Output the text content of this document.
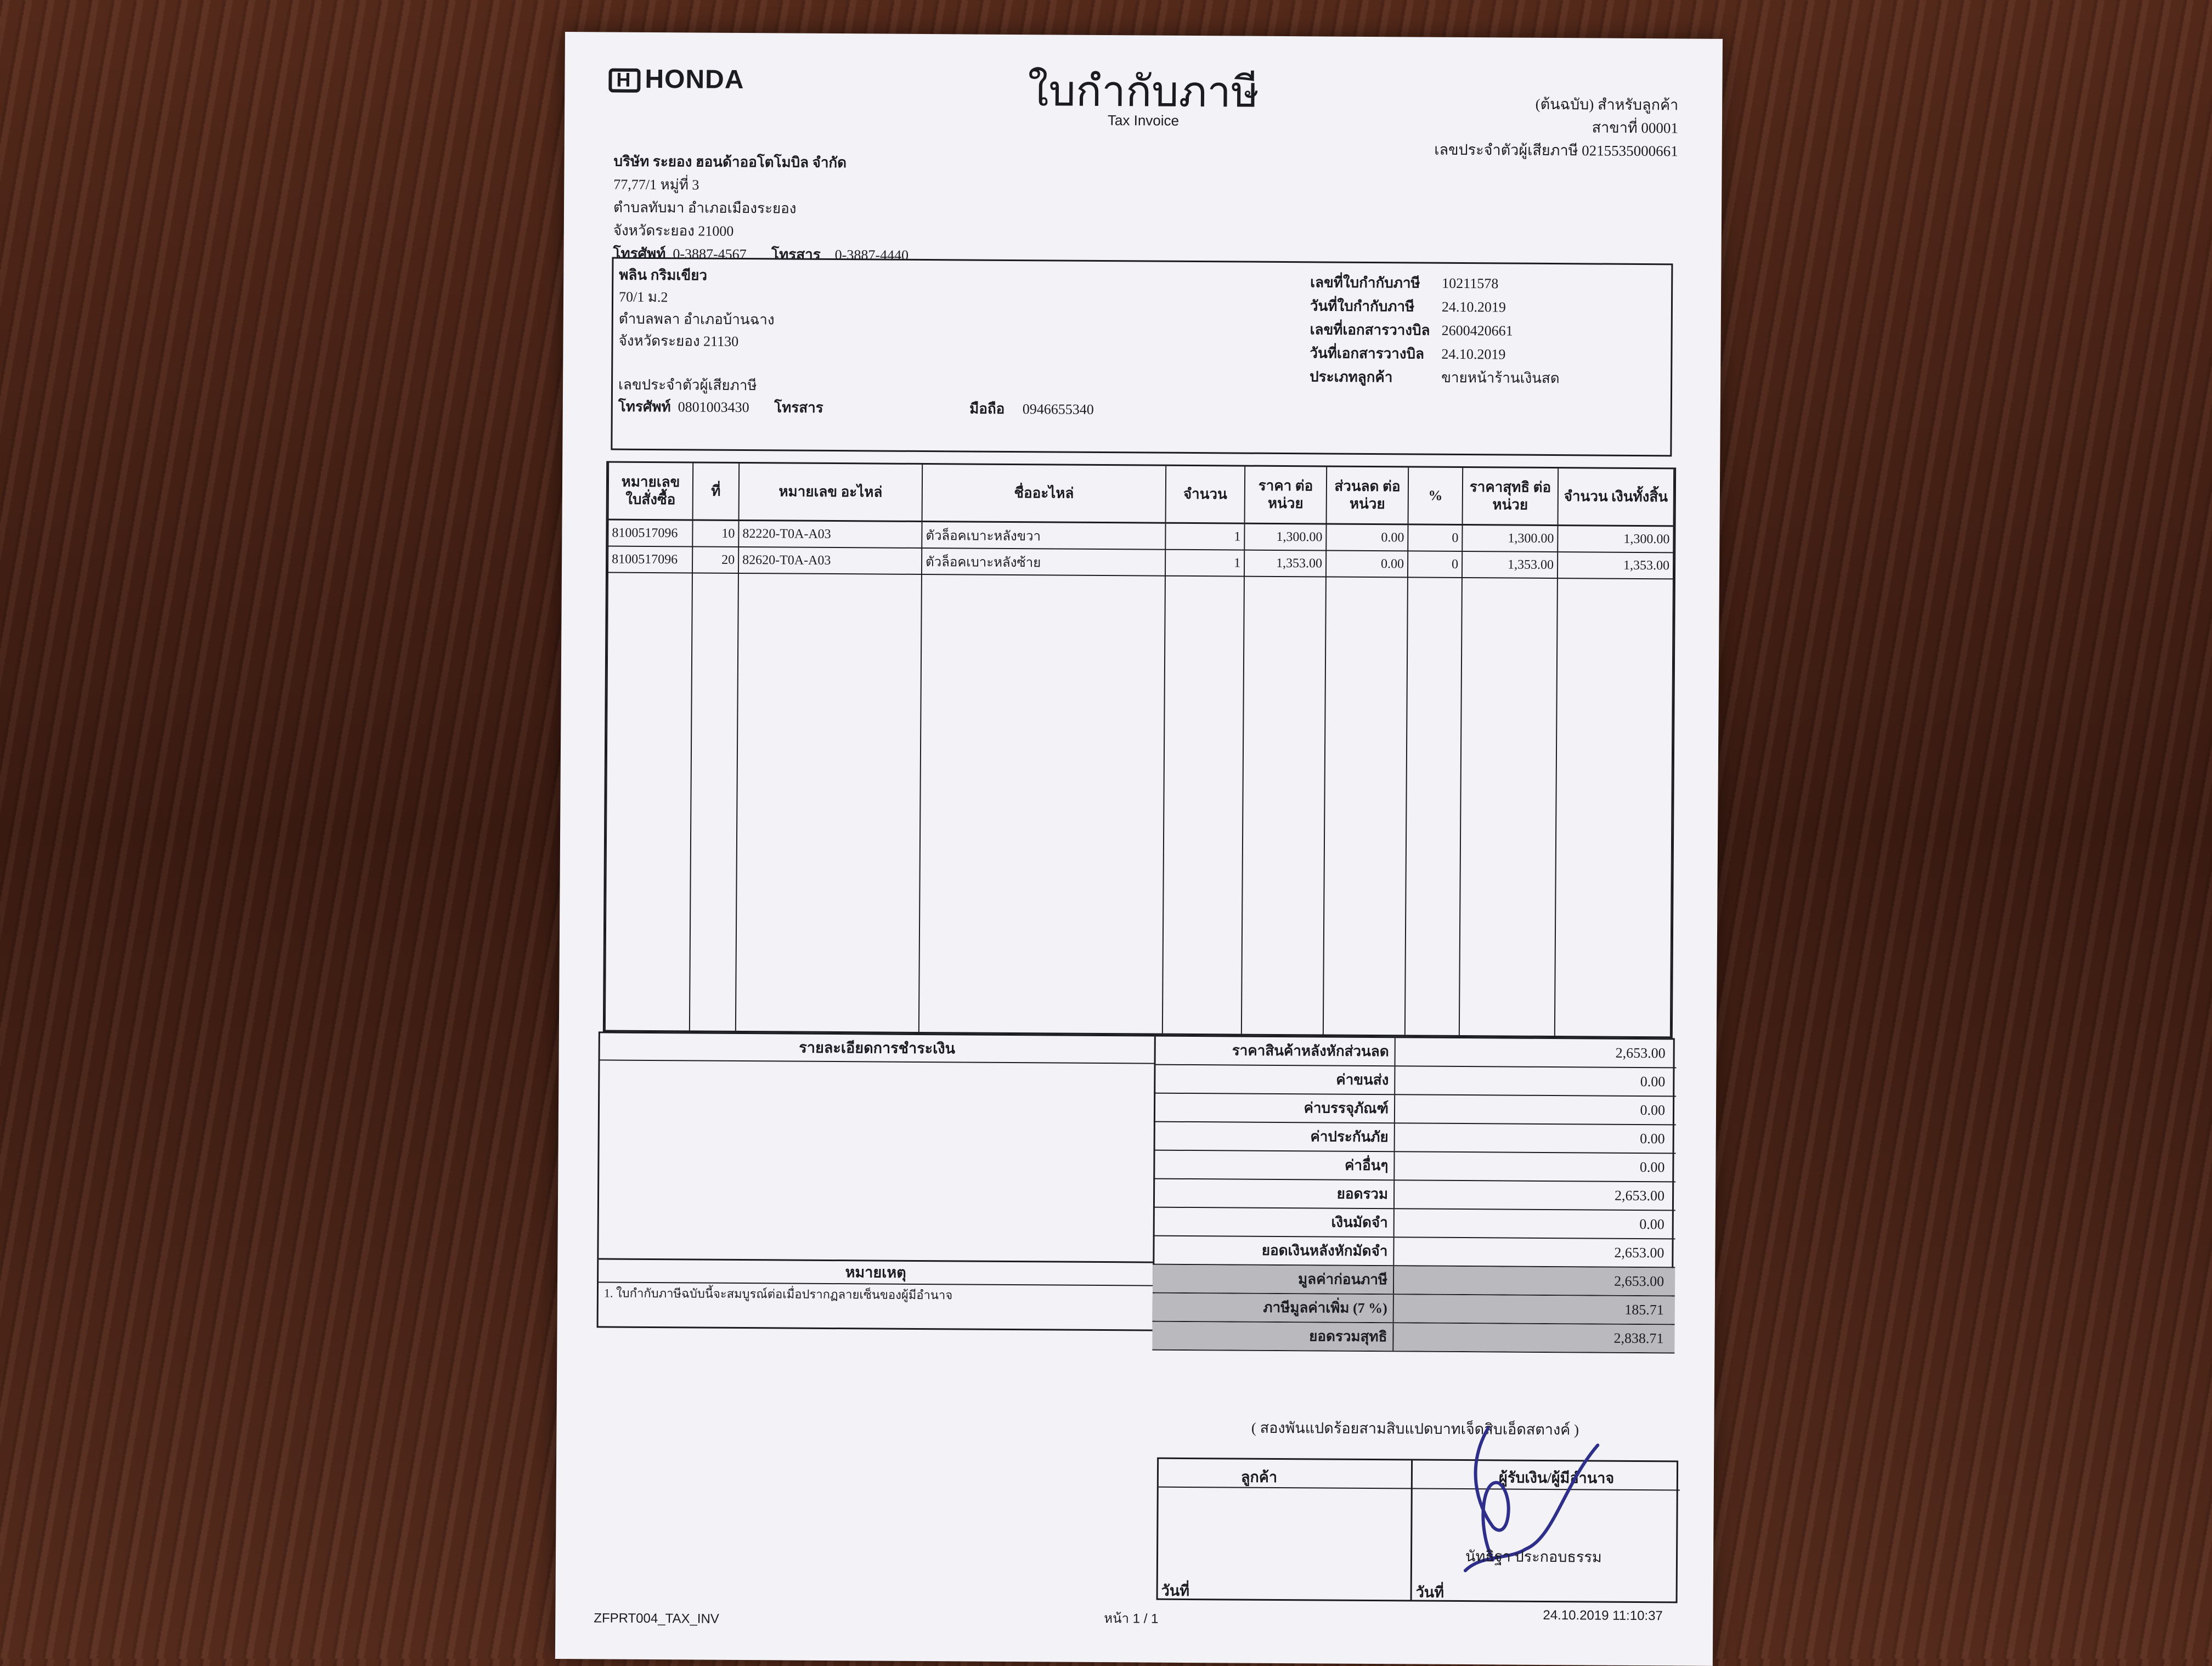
HHONDA	ใบกำกับภาษี
Tax Invoice
(ต้นฉบับ) สำหรับลูกค้า
สาขาที่ 00001
เลขประจำตัวผู้เสียภาษี 0215535000661
บริษัท ระยอง ฮอนด้าออโตโมบิล จำกัด
77,77/1 หมู่ที่ 3
ตำบลทับมา อำเภอเมืองระยอง
จังหวัดระยอง 21000
โทรศัพท์ 0-3887-4567 โทรสาร 0-3887-4440
พลิน กริมเขียว
70/1 ม.2
ตำบลพลา อำเภอบ้านฉาง
จังหวัดระยอง 21130
เลขประจำตัวผู้เสียภาษี
โทรศัพท์ 0801003430 โทรสาร	มือถือ 0946655340
เลขที่ใบกำกับภาษี 10211578
วันที่ใบกำกับภาษี 24.10.2019
เลขที่เอกสารวางบิล 2600420661
วันที่เอกสารวางบิล 24.10.2019
ประเภทลูกค้า	ขายหน้าร้านเงินสด
หมายเลข ใบสั่งซื้อ	ที่	หมายเลข อะไหล่	ชื่ออะไหล่	จำนวน	ราคา ต่อหน่วย	ส่วนลด ต่อหน่วย	%	ราคาสุทธิ ต่อหน่วย	จำนวน เงินทั้งสิ้น
8100517096	10	82220-T0A-A03	ตัวล็อคเบาะหลังขวา	1	1,300.00	0.00	0	1,300.00	1,300.00
8100517096	20	82620-T0A-A03	ตัวล็อคเบาะหลังซ้าย	1	1,353.00	0.00	0	1,353.00	1,353.00

รายละเอียดการชำระเงิน	ราคาสินค้าหลังหักส่วนลด	2,653.00
ค่าขนส่ง	0.00
ค่าบรรจุภัณฑ์	0.00
ค่าประกันภัย	0.00
ค่าอื่นๆ	0.00
ยอดรวม	2,653.00
เงินมัดจำ	0.00
ยอดเงินหลังหักมัดจำ	2,653.00
มูลค่าก่อนภาษี	2,653.00
ภาษีมูลค่าเพิ่ม (7 %)	185.71
ยอดรวมสุทธิ	2,838.71
หมายเหตุ
1. ใบกำกับภาษีฉบับนี้จะสมบูรณ์ต่อเมื่อปรากฏลายเซ็นของผู้มีอำนาจ
( สองพันแปดร้อยสามสิบแปดบาทเจ็ดสิบเอ็ดสตางค์ )
ลูกค้า	ผู้รับเงิน/ผู้มีอำนาจ
นัทธิฐา ประกอบธรรม
วันที่	วันที่
ZFPRT004_TAX_INV	หน้า 1 / 1	24.10.2019 11:10:37
